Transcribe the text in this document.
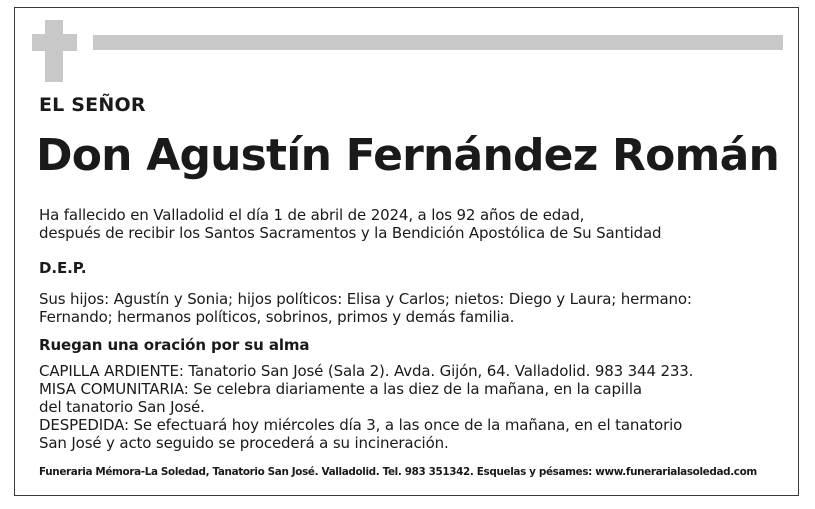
EL SEÑOR

Don Agustín Fernández Román

Ha fallecido en Valladolid el día 1 de abril de 2024, a los 92 años de edad,
después de recibir los Santos Sacramentos y la Bendición Apostólica de Su Santidad

D.E.P.

Sus hijos: Agustín y Sonia; hijos políticos: Elisa y Carlos; nietos: Diego y Laura; hermano:
Fernando; hermanos políticos, sobrinos, primos y demás familia.

Ruegan una oración por su alma

CAPILLA ARDIENTE: Tanatorio San José (Sala 2). Avda. Gijón, 64. Valladolid. 983 344 233.
MISA COMUNITARIA: Se celebra diariamente a las diez de la mañana, en la capilla
del tanatorio San José.
DESPEDIDA: Se efectuará hoy miércoles día 3, a las once de la mañana, en el tanatorio
San José y acto seguido se procederá a su incineración.

Funeraria Mémora-La Soledad, Tanatorio San José. Valladolid. Tel. 983 351342. Esquelas y pésames: www.funerarialasoledad.com
